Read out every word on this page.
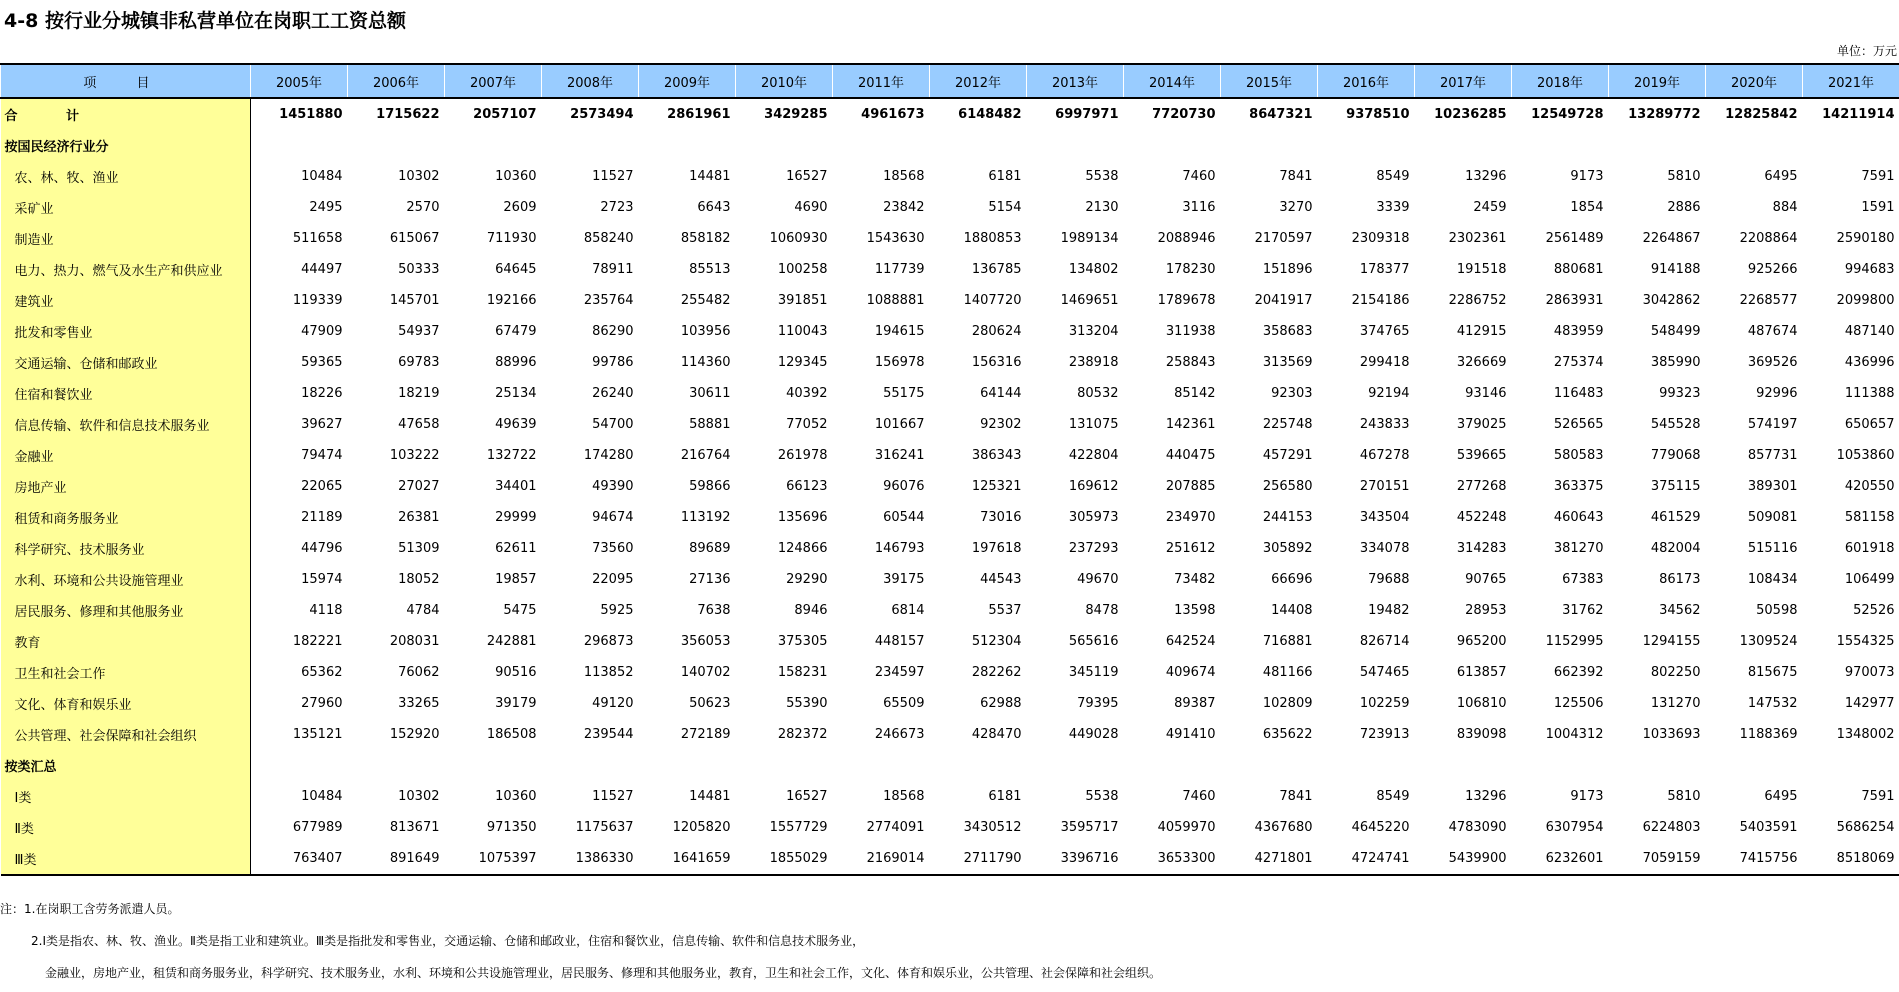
4-8 按行业分城镇非私营单位在岗职工工资总额
单位：万元
项 目	2005年	2006年	2007年	2008年	2009年	2010年	2011年	2012年	2013年	2014年	2015年	2016年	2017年	2018年	2019年	2020年	2021年
合 计	1451880	1715622	2057107	2573494	2861961	3429285	4961673	6148482	6997971	7720730	8647321	9378510	10236285	12549728	13289772	12825842	14211914
按国民经济行业分																	
农、林、牧、渔业	10484	10302	10360	11527	14481	16527	18568	6181	5538	7460	7841	8549	13296	9173	5810	6495	7591
采矿业	2495	2570	2609	2723	6643	4690	23842	5154	2130	3116	3270	3339	2459	1854	2886	884	1591
制造业	511658	615067	711930	858240	858182	1060930	1543630	1880853	1989134	2088946	2170597	2309318	2302361	2561489	2264867	2208864	2590180
电力、热力、燃气及水生产和供应业	44497	50333	64645	78911	85513	100258	117739	136785	134802	178230	151896	178377	191518	880681	914188	925266	994683
建筑业	119339	145701	192166	235764	255482	391851	1088881	1407720	1469651	1789678	2041917	2154186	2286752	2863931	3042862	2268577	2099800
批发和零售业	47909	54937	67479	86290	103956	110043	194615	280624	313204	311938	358683	374765	412915	483959	548499	487674	487140
交通运输、仓储和邮政业	59365	69783	88996	99786	114360	129345	156978	156316	238918	258843	313569	299418	326669	275374	385990	369526	436996
住宿和餐饮业	18226	18219	25134	26240	30611	40392	55175	64144	80532	85142	92303	92194	93146	116483	99323	92996	111388
信息传输、软件和信息技术服务业	39627	47658	49639	54700	58881	77052	101667	92302	131075	142361	225748	243833	379025	526565	545528	574197	650657
金融业	79474	103222	132722	174280	216764	261978	316241	386343	422804	440475	457291	467278	539665	580583	779068	857731	1053860
房地产业	22065	27027	34401	49390	59866	66123	96076	125321	169612	207885	256580	270151	277268	363375	375115	389301	420550
租赁和商务服务业	21189	26381	29999	94674	113192	135696	60544	73016	305973	234970	244153	343504	452248	460643	461529	509081	581158
科学研究、技术服务业	44796	51309	62611	73560	89689	124866	146793	197618	237293	251612	305892	334078	314283	381270	482004	515116	601918
水利、环境和公共设施管理业	15974	18052	19857	22095	27136	29290	39175	44543	49670	73482	66696	79688	90765	67383	86173	108434	106499
居民服务、修理和其他服务业	4118	4784	5475	5925	7638	8946	6814	5537	8478	13598	14408	19482	28953	31762	34562	50598	52526
教育	182221	208031	242881	296873	356053	375305	448157	512304	565616	642524	716881	826714	965200	1152995	1294155	1309524	1554325
卫生和社会工作	65362	76062	90516	113852	140702	158231	234597	282262	345119	409674	481166	547465	613857	662392	802250	815675	970073
文化、体育和娱乐业	27960	33265	39179	49120	50623	55390	65509	62988	79395	89387	102809	102259	106810	125506	131270	147532	142977
公共管理、社会保障和社会组织	135121	152920	186508	239544	272189	282372	246673	428470	449028	491410	635622	723913	839098	1004312	1033693	1188369	1348002
按类汇总																	
Ⅰ类	10484	10302	10360	11527	14481	16527	18568	6181	5538	7460	7841	8549	13296	9173	5810	6495	7591
Ⅱ类	677989	813671	971350	1175637	1205820	1557729	2774091	3430512	3595717	4059970	4367680	4645220	4783090	6307954	6224803	5403591	5686254
Ⅲ类	763407	891649	1075397	1386330	1641659	1855029	2169014	2711790	3396716	3653300	4271801	4724741	5439900	6232601	7059159	7415756	8518069
注：1.在岗职工含劳务派遣人员。
2.Ⅰ类是指农、林、牧、渔业。Ⅱ类是指工业和建筑业。Ⅲ类是指批发和零售业，交通运输、仓储和邮政业，住宿和餐饮业，信息传输、软件和信息技术服务业，
金融业，房地产业，租赁和商务服务业，科学研究、技术服务业，水利、环境和公共设施管理业，居民服务、修理和其他服务业，教育，卫生和社会工作，文化、体育和娱乐业，公共管理、社会保障和社会组织。
